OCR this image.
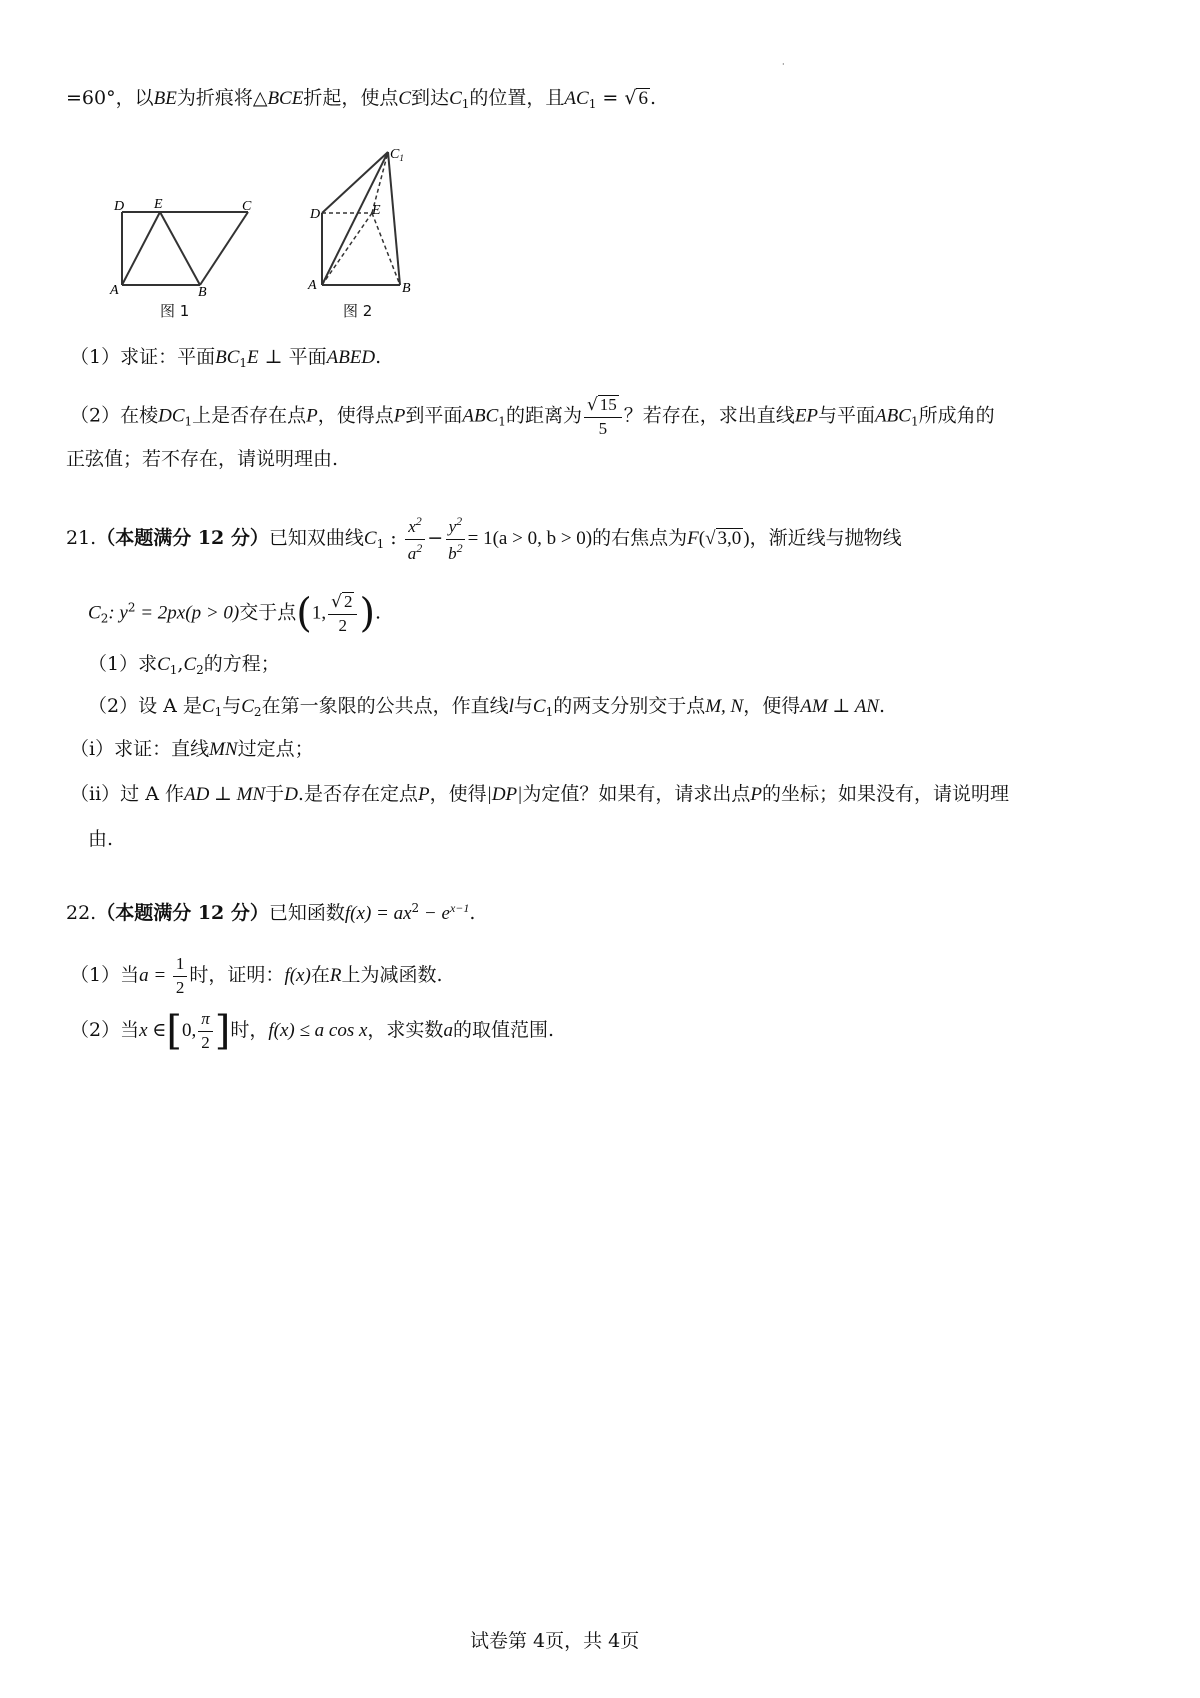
·
=60°，以BE为折痕将△BCE折起，使点C到达$C_1$的位置，且$AC_1$ = √ 6 .
D E	C
A	B
图 1
$C_1$
D	E
A	B
图 2
（1）求证：平面$BC_1E$ ⊥ 平面ABED.
（2）在棱$DC_1$上是否存在点P，使得点P到平面$ABC_1$的距离为 $\frac{√ 15}{5}$ ？若存在，求出直线EP与平面$ABC_1$所成角的
正弦值；若不存在，请说明理由.
21.（本题满分 12 分）已知双曲线$C_1$ : $\frac{x^2}{a^2} - \frac{y^2}{b^2} = 1(a > 0$, b > 0)的右焦点为F(√ 3,0 )，渐近线与抛物线
$C_2$: $y^2 = 2px(p > 0)$交于点(1, $\frac{√ 2}{2}$ ).
（1）求$C_1,C_2$的方程；
（2）设 A 是$C_1$与$C_2$在第一象限的公共点，作直线l与$C_1$的两支分别交于点M, N，便得AM ⊥ AN.
（i）求证：直线MN过定点；
（ii）过 A 作AD ⊥ MN于D.是否存在定点P，使得|DP|为定值？如果有，请求出点P的坐标；如果没有，请说明理
由.
22.（本题满分 12 分）已知函数$f(x) = ax^2 - e^{x-1}$.
（1）当$a = \frac{1}{2}$ 时，证明：f(x)在R上为减函数.
（2）当x ∈[0, $\frac{\pi}{2}$ ]时，f(x) ≤ a cos x，求实数a的取值范围.
试卷第 4页，共 4页
